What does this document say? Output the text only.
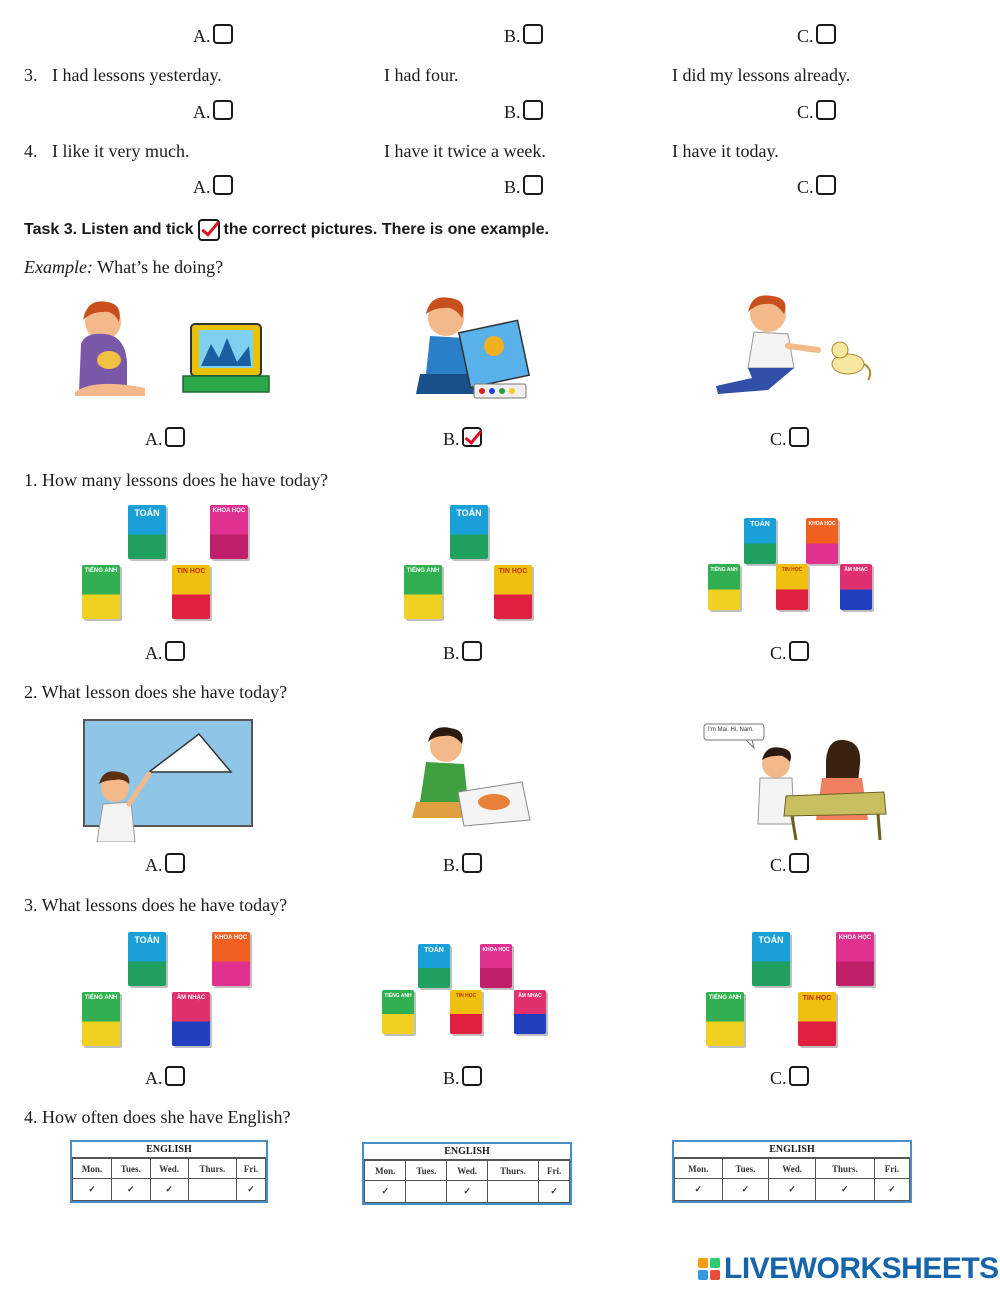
A.	B.	C.
3. I had lessons yesterday.	I had four.	I did my lessons already.
A.	B.	C.
4. I like it very much.	I have it twice a week.	I have it today.
A.	B.	C.
Task 3. Listen and tick the correct pictures. There is one example.
Example: What’s he doing?
A.	B.	C.
1. How many lessons does he have today?
TOÁN	KHOA HỌC
TIẾNG ANH	TIN HỌC
TOÁN
TIẾNG ANH	TIN HỌC
TOÁN	KHOA HỌC
TIẾNG ANH	TIN HỌC	ÂM NHẠC
A.	B.	C.
2. What lesson does she have today?
I'm Mai. Hi, Nam.
A.	B.	C.
3. What lessons does he have today?
TOÁN	KHOA HỌC
TIẾNG ANH	ÂM NHẠC
TOÁN	KHOA HỌC
TIẾNG ANH	TIN HỌC	ÂM NHẠC
TOÁN	KHOA HỌC
TIẾNG ANH	TIN HỌC
A.	B.	C.
4. How often does she have English?
ENGLISH
Mon.	Tues.	Wed.	Thurs.	Fri.
✓	✓	✓		✓
ENGLISH
Mon.	Tues.	Wed.	Thurs.	Fri.
✓		✓		✓
ENGLISH
Mon.	Tues.	Wed.	Thurs.	Fri.
✓	✓	✓	✓	✓
LIVEWORKSHEETS
